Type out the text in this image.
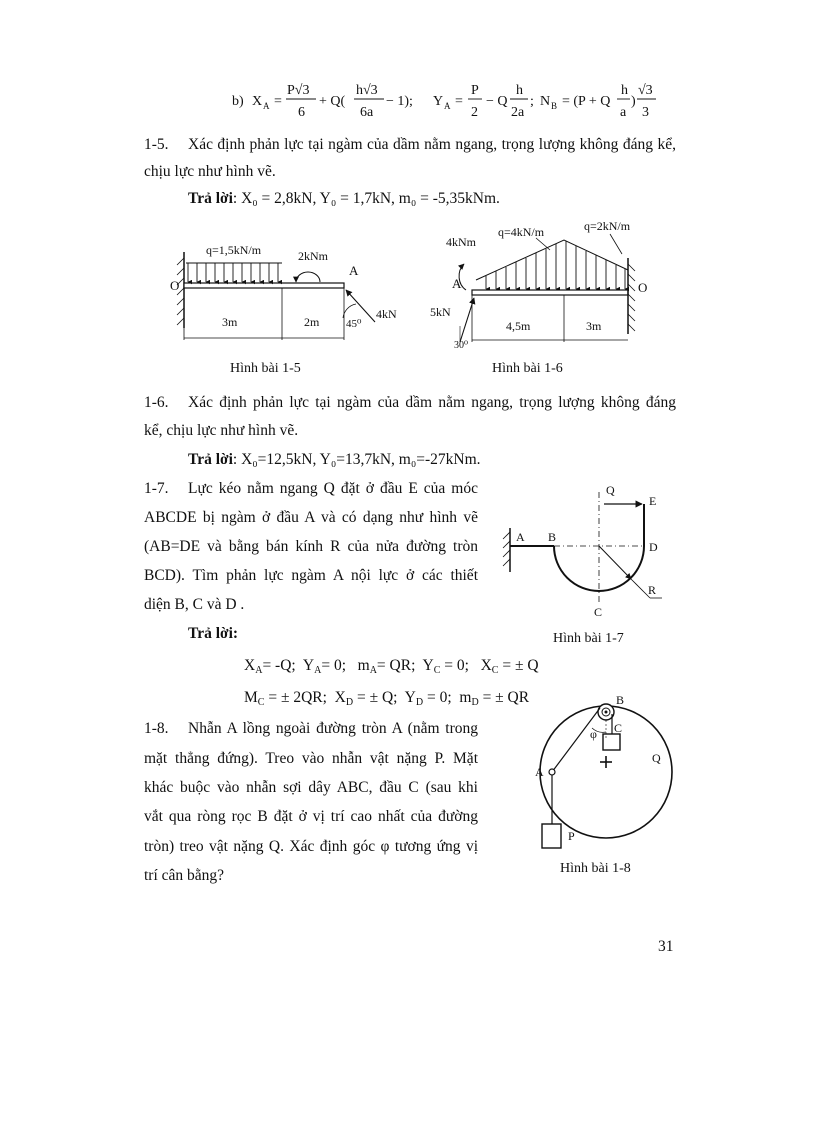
b) X A =
P√3
6
+ Q(
h√3
6a
− 1); Y A =
P
2
− Q
h
2a
; N B = (P + Q
h
a
)
√3
3
1-5. Xác định phản lực tại ngàm của dầm nằm ngang, trọng lượng không đáng kể,
chịu lực như hình vẽ.
Trả lời: X₀ = 2,8kN, Y₀ = 1,7kN, m₀ = -5,35kNm.
O
q=1,5kN/m	2kNm
A
4kN
45⁰
3m	2m
Hình bài 1-5
4kNm
q=4kN/m	q=2kN/m
A	O
5kN
30⁰
4,5m	3m
Hình bài 1-6
1-6. Xác định phản lực tại ngàm của dầm nằm ngang, trọng lượng không đáng
kể, chịu lực như hình vẽ.
Trả lời: X₀=12,5kN, Y₀=13,7kN, m₀=-27kNm.
1-7. Lực kéo nằm ngang Q đặt ở đầu E của móc
ABCDE bị ngàm ở đầu A và có dạng như hình vẽ
(AB=DE và bằng bán kính R của nửa đường tròn
BCD). Tìm phản lực ngàm A nội lực ở các thiết
diện B, C và D .
Trả lời:
$X_A= -Q$;  $Y_A= 0$;   $m_A=$ QR;  $Y_C = 0$;   $X_C$ = ± Q
$M_C$ = ± 2QR;  $X_D$ = ± Q;  $Y_D = 0$;  $m_D$ = ± QR
A B
Q
E
D
R
C
Hình bài 1-7
1-8. Nhẫn A lồng ngoài đường tròn A (nằm trong
mặt thẳng đứng). Treo vào nhẫn vật nặng P. Mặt
khác buộc vào nhẫn sợi dây ABC, đầu C (sau khi
vắt qua ròng rọc B đặt ở vị trí cao nhất của đường
tròn) treo vật nặng Q. Xác định góc φ tương ứng vị
trí cân bằng?
B
C
φ
Q
A
P
Hình bài 1-8
31
